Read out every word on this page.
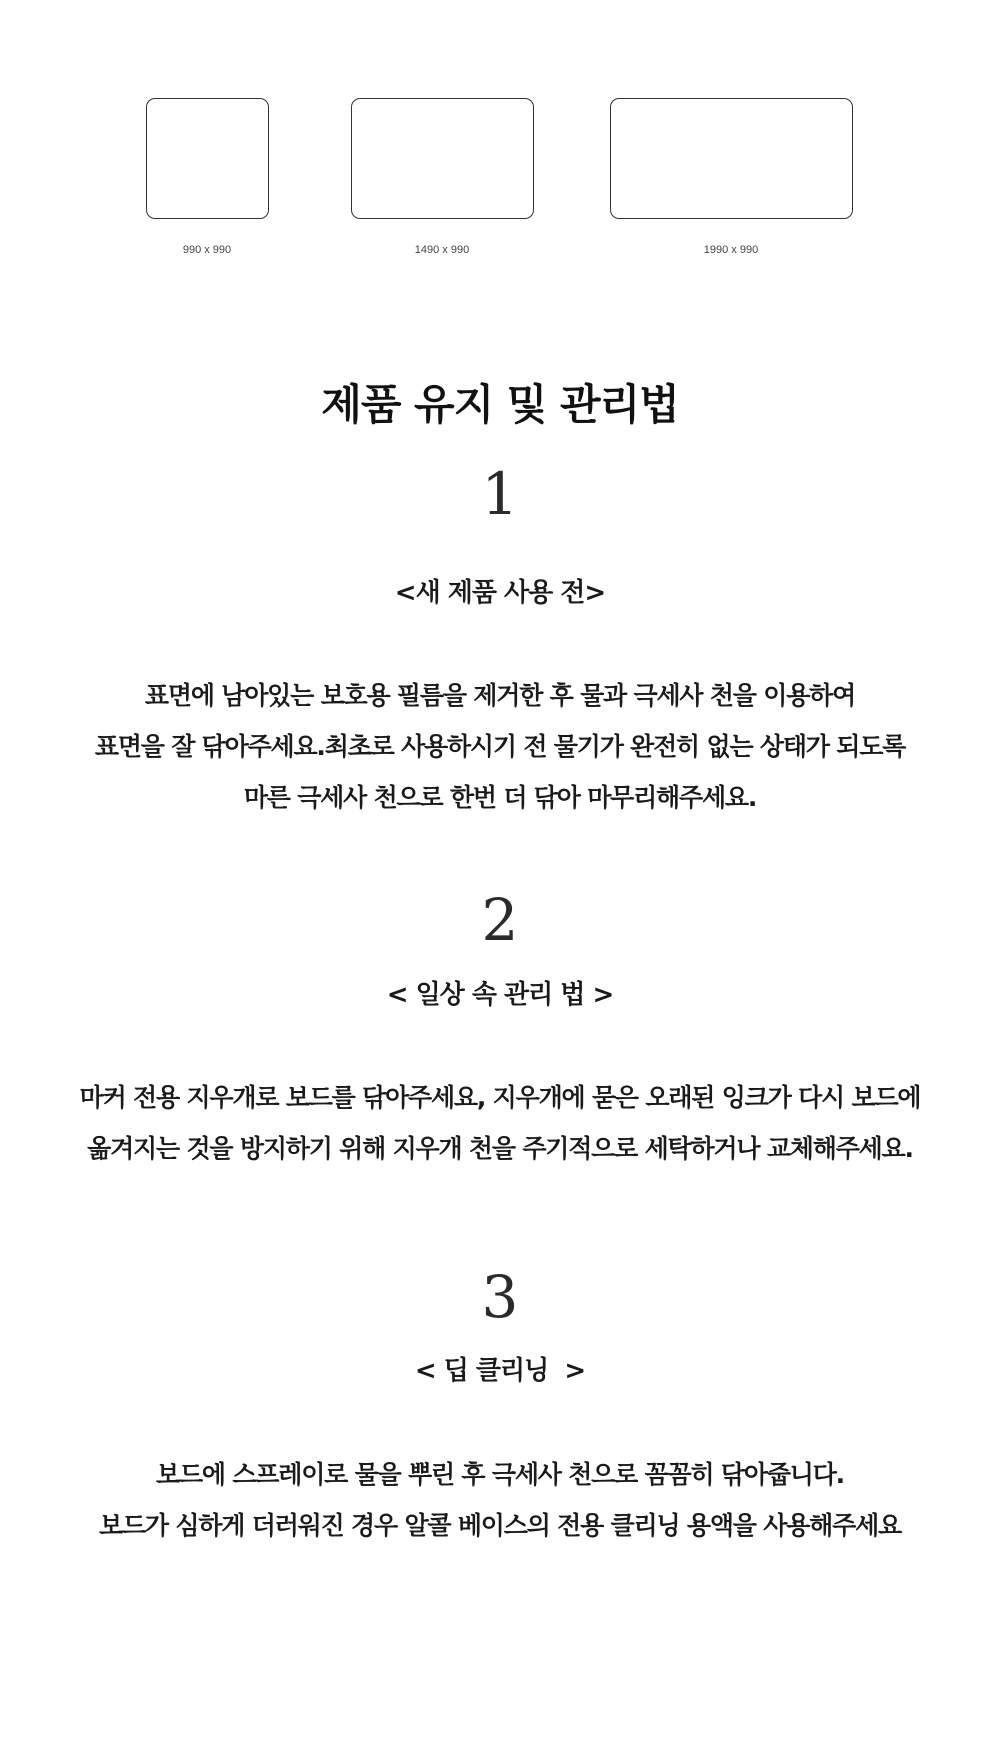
990 x 990	1490 x 990	1990 x 990
제품 유지 및 관리법
1
<새 제품 사용 전>
표면에 남아있는 보호용 필름을 제거한 후 물과 극세사 천을 이용하여
표면을 잘 닦아주세요.최초로 사용하시기 전 물기가 완전히 없는 상태가 되도록
마른 극세사 천으로 한번 더 닦아 마무리해주세요.
2
< 일상 속 관리 법 >
마커 전용 지우개로 보드를 닦아주세요, 지우개에 묻은 오래된 잉크가 다시 보드에
옮겨지는 것을 방지하기 위해 지우개 천을 주기적으로 세탁하거나 교체해주세요.
3
< 딥 클리닝  >
보드에 스프레이로 물을 뿌린 후 극세사 천으로 꼼꼼히 닦아줍니다.
보드가 심하게 더러워진 경우 알콜 베이스의 전용 클리닝 용액을 사용해주세요
